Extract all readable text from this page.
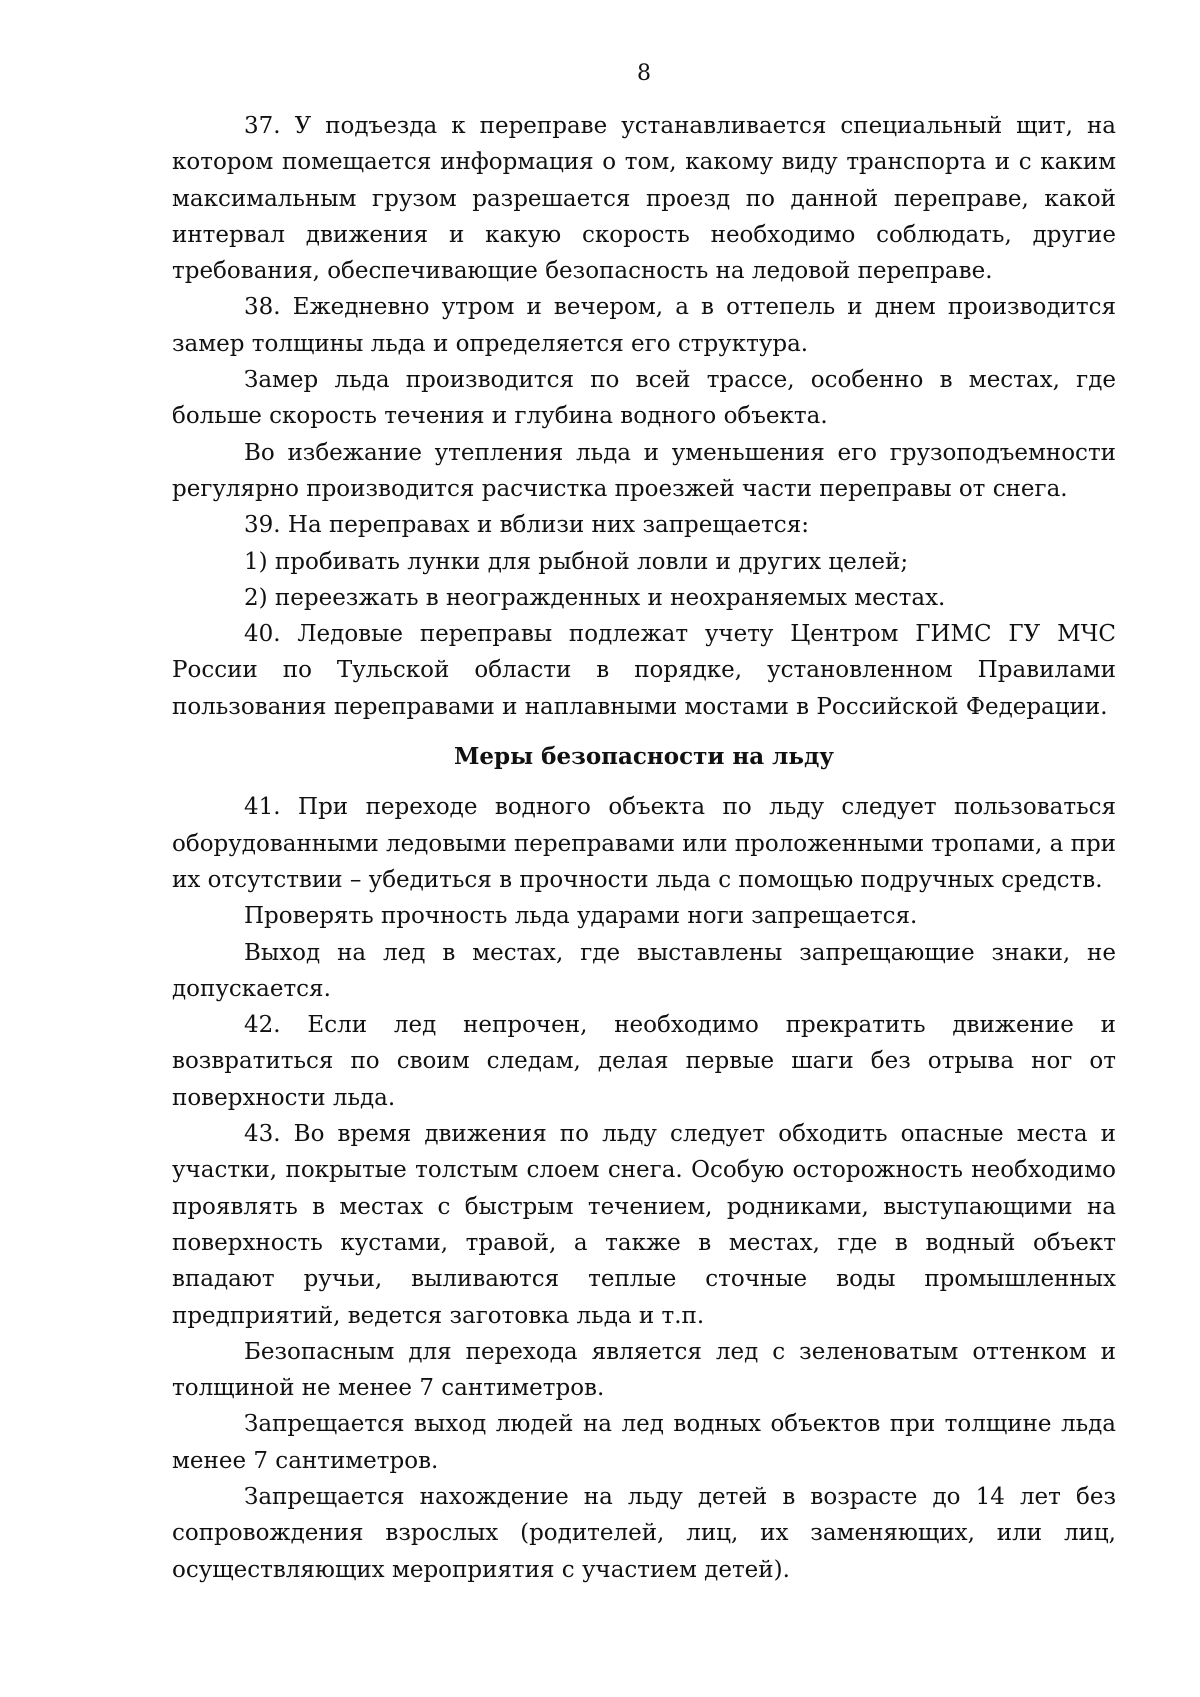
8

37. У подъезда к переправе устанавливается специальный щит, на котором помещается информация о том, какому виду транспорта и с каким максимальным грузом разрешается проезд по данной переправе, какой интервал движения и какую скорость необходимо соблюдать, другие требования, обеспечивающие безопасность на ледовой переправе.

38. Ежедневно утром и вечером, а в оттепель и днем производится замер толщины льда и определяется его структура.

Замер льда производится по всей трассе, особенно в местах, где больше скорость течения и глубина водного объекта.

Во избежание утепления льда и уменьшения его грузоподъемности регулярно производится расчистка проезжей части переправы от снега.

39. На переправах и вблизи них запрещается:

1) пробивать лунки для рыбной ловли и других целей;

2) переезжать в неогражденных и неохраняемых местах.

40. Ледовые переправы подлежат учету Центром ГИМС ГУ МЧС России по Тульской области в порядке, установленном Правилами пользования переправами и наплавными мостами в Российской Федерации.

Меры безопасности на льду

41. При переходе водного объекта по льду следует пользоваться оборудованными ледовыми переправами или проложенными тропами, а при их отсутствии – убедиться в прочности льда с помощью подручных средств.

Проверять прочность льда ударами ноги запрещается.

Выход на лед в местах, где выставлены запрещающие знаки, не допускается.

42. Если лед непрочен, необходимо прекратить движение и возвратиться по своим следам, делая первые шаги без отрыва ног от поверхности льда.

43. Во время движения по льду следует обходить опасные места и участки, покрытые толстым слоем снега. Особую осторожность необходимо проявлять в местах с быстрым течением, родниками, выступающими на поверхность кустами, травой, а также в местах, где в водный объект впадают ручьи, выливаются теплые сточные воды промышленных предприятий, ведется заготовка льда и т.п.

Безопасным для перехода является лед с зеленоватым оттенком и толщиной не менее 7 сантиметров.

Запрещается выход людей на лед водных объектов при толщине льда менее 7 сантиметров.

Запрещается нахождение на льду детей в возрасте до 14 лет без сопровождения взрослых (родителей, лиц, их заменяющих, или лиц, осуществляющих мероприятия с участием детей).
